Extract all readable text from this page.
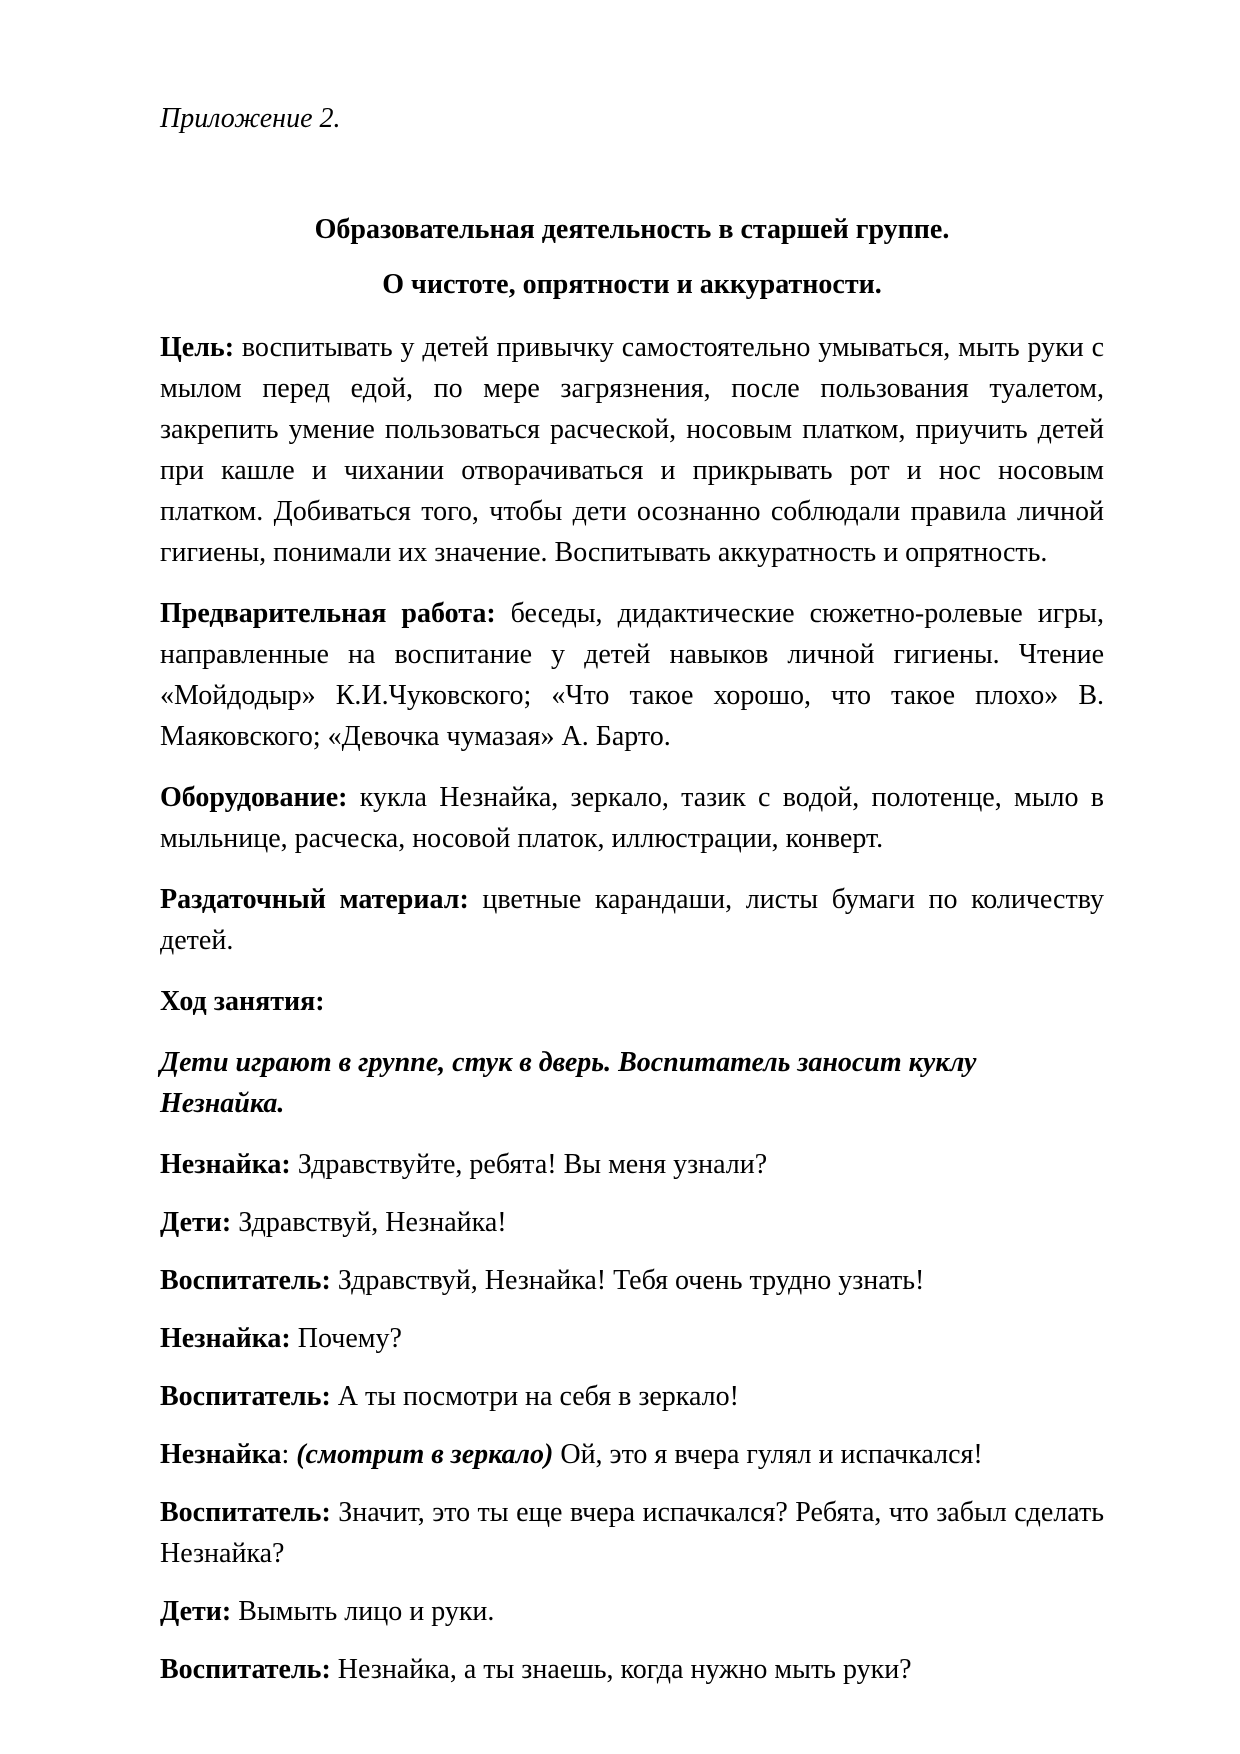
Приложение 2.

Образовательная деятельность в старшей группе.

О чистоте, опрятности и аккуратности.

Цель: воспитывать у детей привычку самостоятельно умываться, мыть руки с мылом перед едой, по мере загрязнения, после пользования туалетом, закрепить умение пользоваться расческой, носовым платком, приучить детей при кашле и чихании отворачиваться и прикрывать рот и нос носовым платком. Добиваться того, чтобы дети осознанно соблюдали правила личной гигиены, понимали их значение. Воспитывать аккуратность и опрятность.

Предварительная работа: беседы, дидактические сюжетно-ролевые игры, направленные на воспитание у детей навыков личной гигиены. Чтение «Мойдодыр» К.И.Чуковского; «Что такое хорошо, что такое плохо» В. Маяковского; «Девочка чумазая» А. Барто.

Оборудование: кукла Незнайка, зеркало, тазик с водой, полотенце, мыло в мыльнице, расческа, носовой платок, иллюстрации, конверт.

Раздаточный материал: цветные карандаши, листы бумаги по количеству детей.

Ход занятия:

Дети играют в группе, стук в дверь. Воспитатель заносит куклу Незнайка.

Незнайка: Здравствуйте, ребята! Вы меня узнали?

Дети: Здравствуй, Незнайка!

Воспитатель: Здравствуй, Незнайка! Тебя очень трудно узнать!

Незнайка: Почему?

Воспитатель: А ты посмотри на себя в зеркало!

Незнайка: (смотрит в зеркало) Ой, это я вчера гулял и испачкался!

Воспитатель: Значит, это ты еще вчера испачкался? Ребята, что забыл сделать Незнайка?

Дети: Вымыть лицо и руки.

Воспитатель: Незнайка, а ты знаешь, когда нужно мыть руки?
